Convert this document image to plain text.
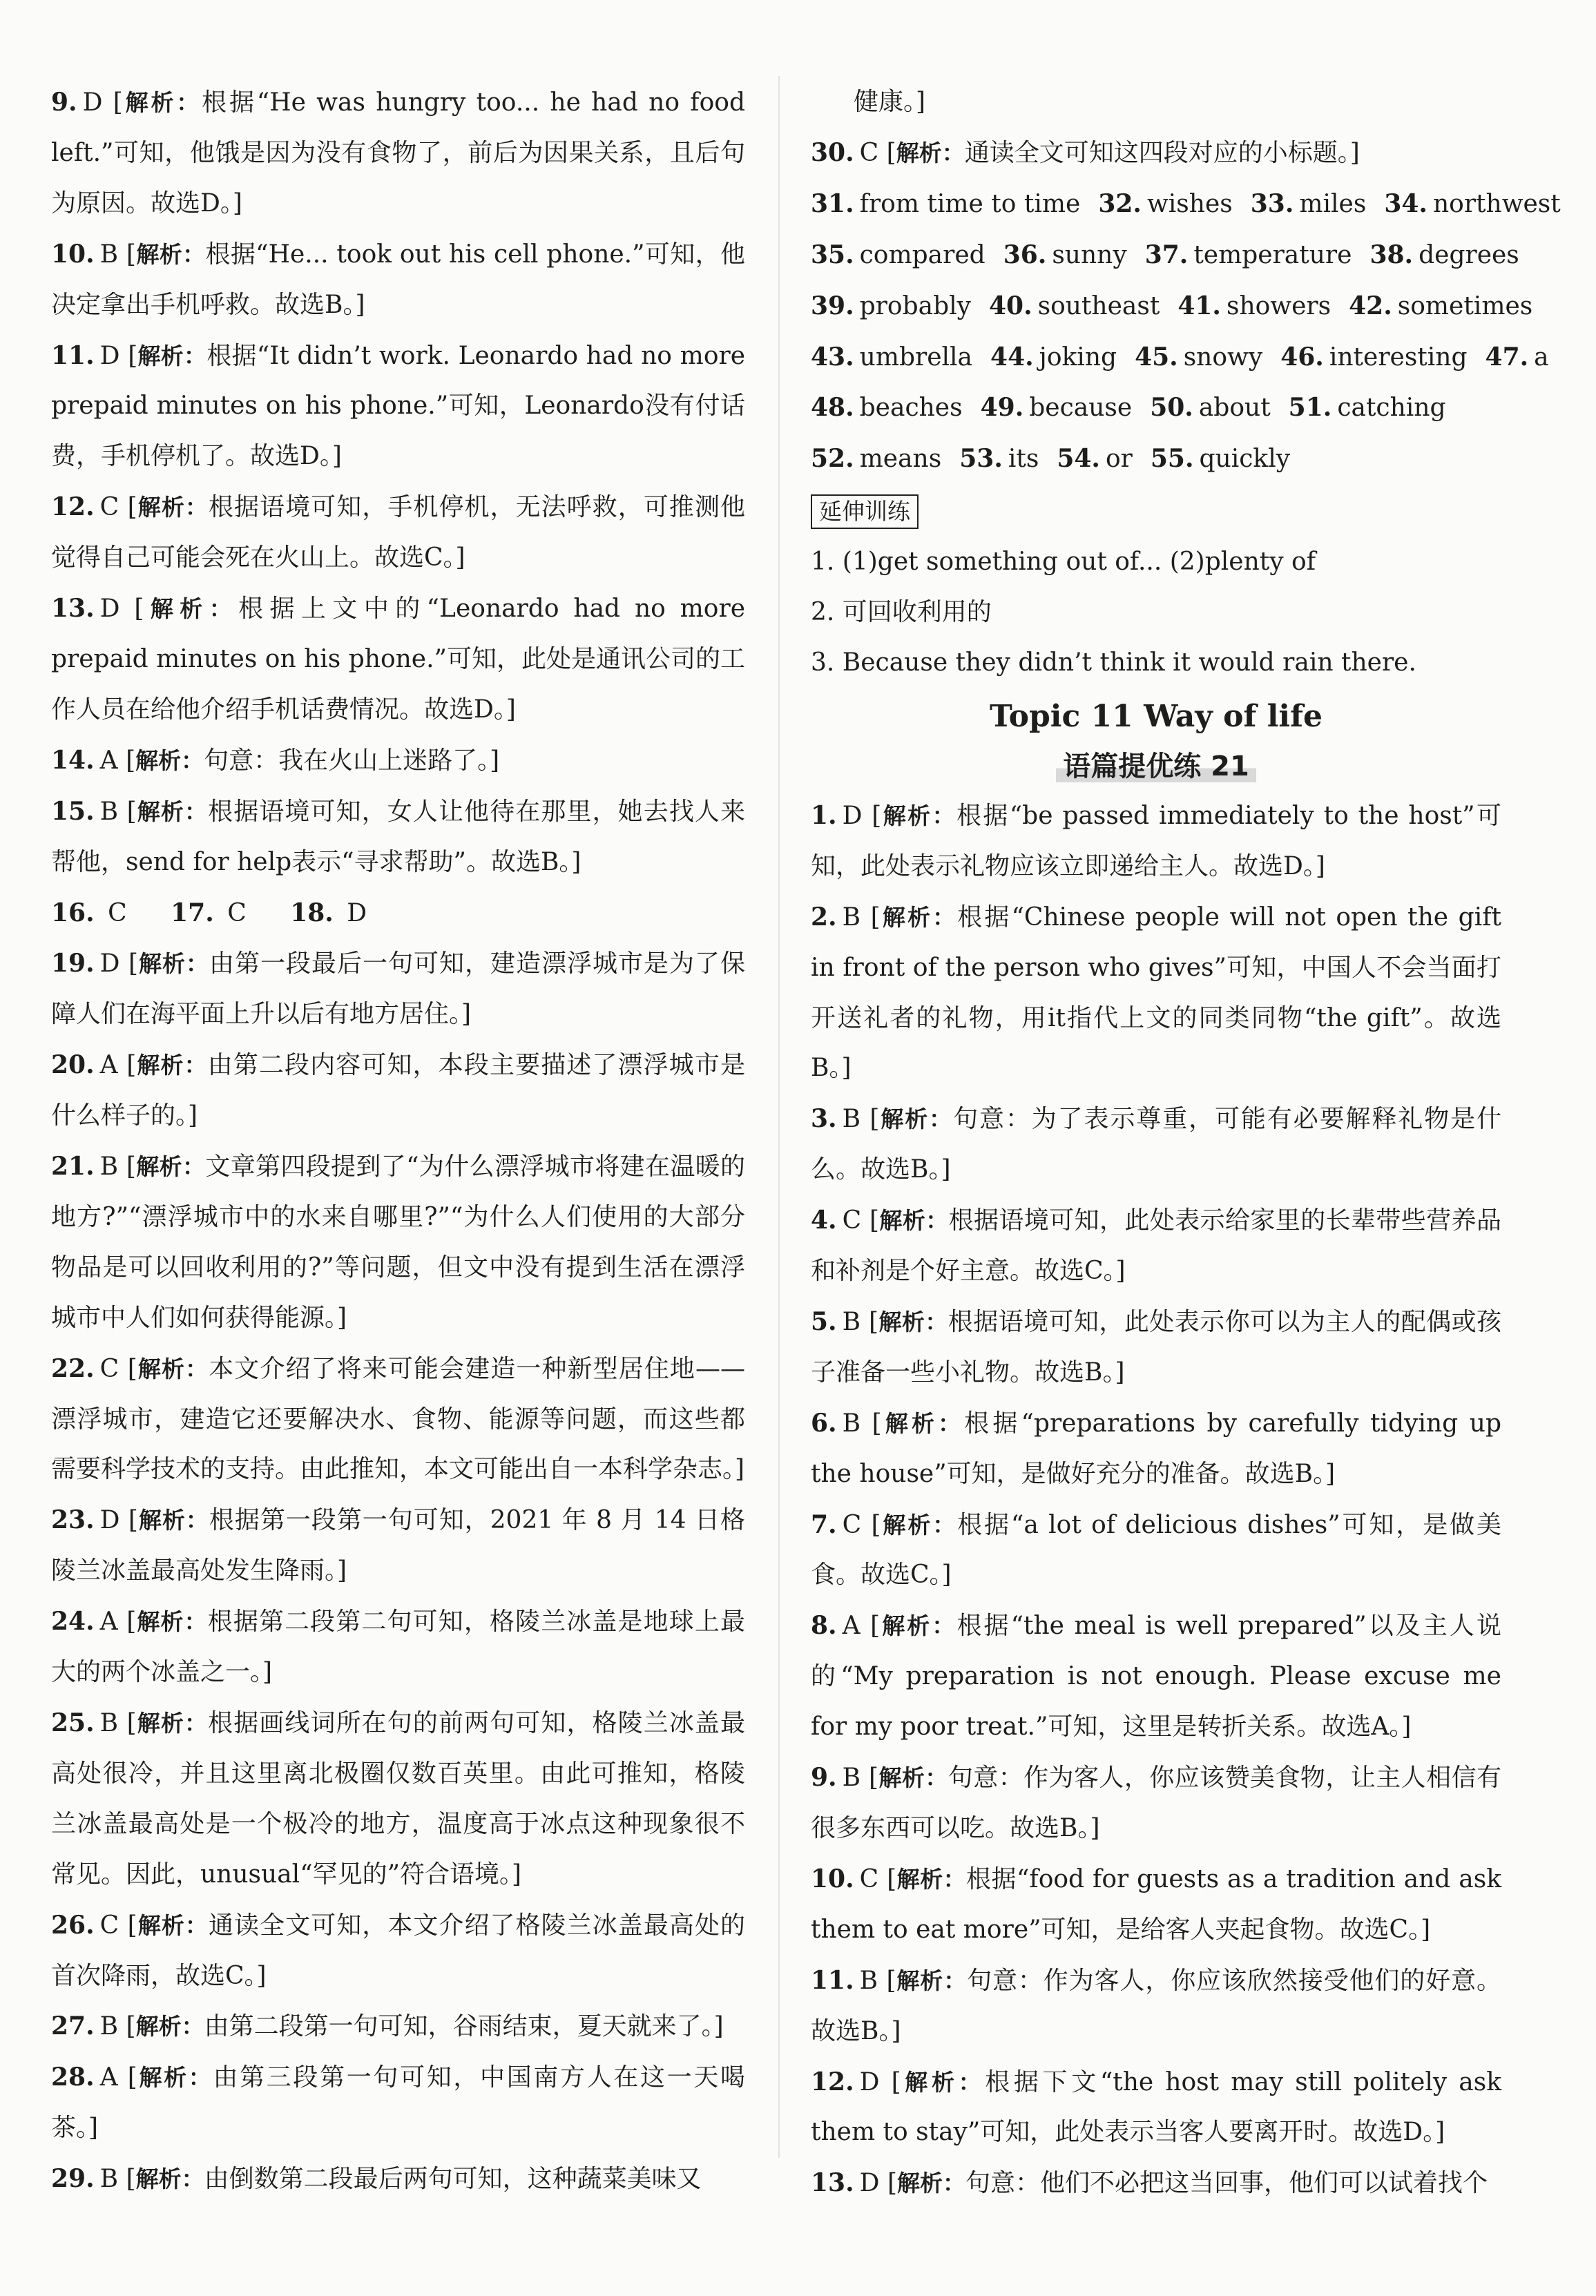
9. D [解析：根据“He was hungry too... he had no food left.”可知，他饿是因为没有食物了，前后为因果关系，且后句为原因。故选D。]

10. B [解析：根据“He... took out his cell phone.”可知，他决定拿出手机呼救。故选B。]

11. D [解析：根据“It didn’t work. Leonardo had no more prepaid minutes on his phone.”可知，Leonardo没有付话费，手机停机了。故选D。]

12. C [解析：根据语境可知，手机停机，无法呼救，可推测他觉得自己可能会死在火山上。故选C。]

13. D [解析：根据上文中的“Leonardo had no more prepaid minutes on his phone.”可知，此处是通讯公司的工作人员在给他介绍手机话费情况。故选D。]

14. A [解析：句意：我在火山上迷路了。]

15. B [解析：根据语境可知，女人让他待在那里，她去找人来帮他，send for help表示“寻求帮助”。故选B。]

16. C 17. C 18. D

19. D [解析：由第一段最后一句可知，建造漂浮城市是为了保障人们在海平面上升以后有地方居住。]

20. A [解析：由第二段内容可知，本段主要描述了漂浮城市是什么样子的。]

21. B [解析：文章第四段提到了“为什么漂浮城市将建在温暖的地方?”“漂浮城市中的水来自哪里?”“为什么人们使用的大部分物品是可以回收利用的?”等问题，但文中没有提到生活在漂浮城市中人们如何获得能源。]

22. C [解析：本文介绍了将来可能会建造一种新型居住地——漂浮城市，建造它还要解决水、食物、能源等问题，而这些都需要科学技术的支持。由此推知，本文可能出自一本科学杂志。]

23. D [解析：根据第一段第一句可知，2021 年 8 月 14 日格陵兰冰盖最高处发生降雨。]

24. A [解析：根据第二段第二句可知，格陵兰冰盖是地球上最大的两个冰盖之一。]

25. B [解析：根据画线词所在句的前两句可知，格陵兰冰盖最高处很冷，并且这里离北极圈仅数百英里。由此可推知，格陵兰冰盖最高处是一个极冷的地方，温度高于冰点这种现象很不常见。因此，unusual“罕见的”符合语境。]

26. C [解析：通读全文可知，本文介绍了格陵兰冰盖最高处的首次降雨，故选C。]

27. B [解析：由第二段第一句可知，谷雨结束，夏天就来了。]

28. A [解析：由第三段第一句可知，中国南方人在这一天喝茶。]

29. B [解析：由倒数第二段最后两句可知，这种蔬菜美味又

健康。]

30. C [解析：通读全文可知这四段对应的小标题。]

31. from time to time 32. wishes 33. miles 34. northwest

35. compared 36. sunny 37. temperature 38. degrees

39. probably 40. southeast 41. showers 42. sometimes

43. umbrella 44. joking 45. snowy 46. interesting 47. a

48. beaches 49. because 50. about 51. catching

52. means 53. its 54. or 55. quickly

延伸训练

1. (1)get something out of... (2)plenty of

2. 可回收利用的

3. Because they didn’t think it would rain there.

Topic 11 Way of life
语篇提优练 21

1. D [解析：根据“be passed immediately to the host”可知，此处表示礼物应该立即递给主人。故选D。]

2. B [解析：根据“Chinese people will not open the gift in front of the person who gives”可知，中国人不会当面打开送礼者的礼物，用it指代上文的同类同物“the gift”。故选B。]

3. B [解析：句意：为了表示尊重，可能有必要解释礼物是什么。故选B。]

4. C [解析：根据语境可知，此处表示给家里的长辈带些营养品和补剂是个好主意。故选C。]

5. B [解析：根据语境可知，此处表示你可以为主人的配偶或孩子准备一些小礼物。故选B。]

6. B [解析：根据“preparations by carefully tidying up the house”可知，是做好充分的准备。故选B。]

7. C [解析：根据“a lot of delicious dishes”可知，是做美食。故选C。]

8. A [解析：根据“the meal is well prepared”以及主人说的“My preparation is not enough. Please excuse me for my poor treat.”可知，这里是转折关系。故选A。]

9. B [解析：句意：作为客人，你应该赞美食物，让主人相信有很多东西可以吃。故选B。]

10. C [解析：根据“food for guests as a tradition and ask them to eat more”可知，是给客人夹起食物。故选C。]

11. B [解析：句意：作为客人，你应该欣然接受他们的好意。故选B。]

12. D [解析：根据下文“the host may still politely ask them to stay”可知，此处表示当客人要离开时。故选D。]

13. D [解析：句意：他们不必把这当回事，他们可以试着找个
